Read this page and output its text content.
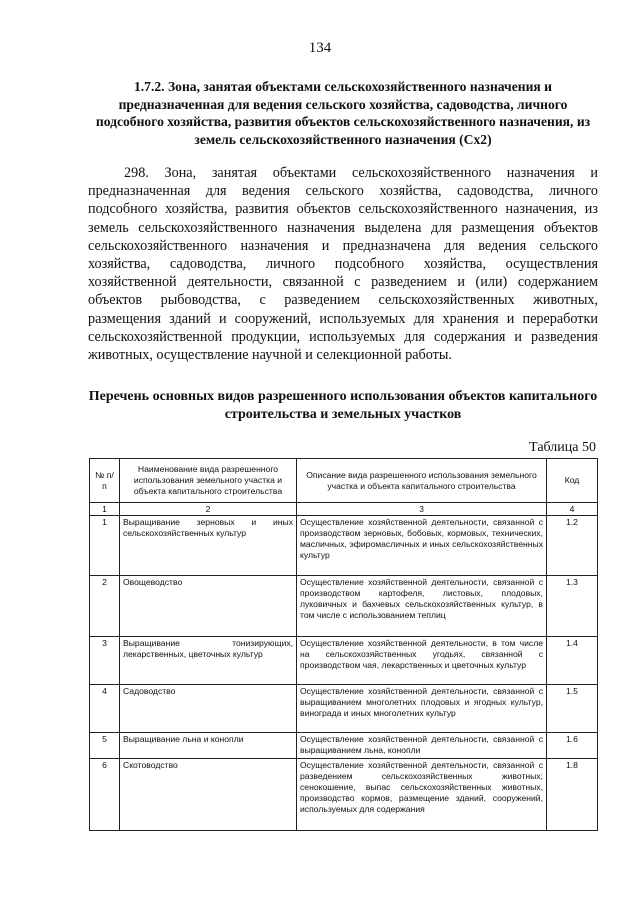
134
1.7.2. Зона, занятая объектами сельскохозяйственного назначения и предназначенная для ведения сельского хозяйства, садоводства, личного подсобного хозяйства, развития объектов сельскохозяйственного назначения, из земель сельскохозяйственного назначения (Сх2)
298. Зона, занятая объектами сельскохозяйственного назначения и предназначенная для ведения сельского хозяйства, садоводства, личного подсобного хозяйства, развития объектов сельскохозяйственного назначения, из земель сельскохозяйственного назначения выделена для размещения объектов сельскохозяйственного назначения и предназначена для ведения сельского хозяйства, садоводства, личного подсобного хозяйства, осуществления хозяйственной деятельности, связанной с разведением и (или) содержанием объектов рыбоводства, с разведением сельскохозяйственных животных, размещения зданий и сооружений, используемых для хранения и переработки сельскохозяйственной продукции, используемых для содержания и разведения животных, осуществление научной и селекционной работы.
Перечень основных видов разрешенного использования объектов капитального строительства и земельных участков
Таблица 50
№ п/п	Наименование вида разрешенного использования земельного участка и объекта капитального строительства	Описание вида разрешенного использования земельного участка и объекта капитального строительства	Код
1	2	3	4
1	Выращивание зерновых и иных сельскохозяйственных культур	Осуществление хозяйственной деятельности, связанной с производством зерновых, бобовых, кормовых, технических, масличных, эфиромасличных и иных сельскохозяйственных культур	1.2
2	Овощеводство	Осуществление хозяйственной деятельности, связанной с производством картофеля, листовых, плодовых, луковичных и бахчевых сельскохозяйственных культур, в том числе с использованием теплиц	1.3
3	Выращивание тонизирующих, лекарственных, цветочных культур	Осуществление хозяйственной деятельности, в том числе на сельскохозяйственных угодьях, связанной с производством чая, лекарственных и цветочных культур	1.4
4	Садоводство	Осуществление хозяйственной деятельности, связанной с выращиванием многолетних плодовых и ягодных культур, винограда и иных многолетних культур	1.5
5	Выращивание льна и конопли	Осуществление хозяйственной деятельности, связанной с выращиванием льна, конопли	1.6
6	Скотоводство	Осуществление хозяйственной деятельности, связанной с разведением сельскохозяйственных животных; сенокошение, выпас сельскохозяйственных животных, производство кормов, размещение зданий, сооружений, используемых для содержания	1.8
